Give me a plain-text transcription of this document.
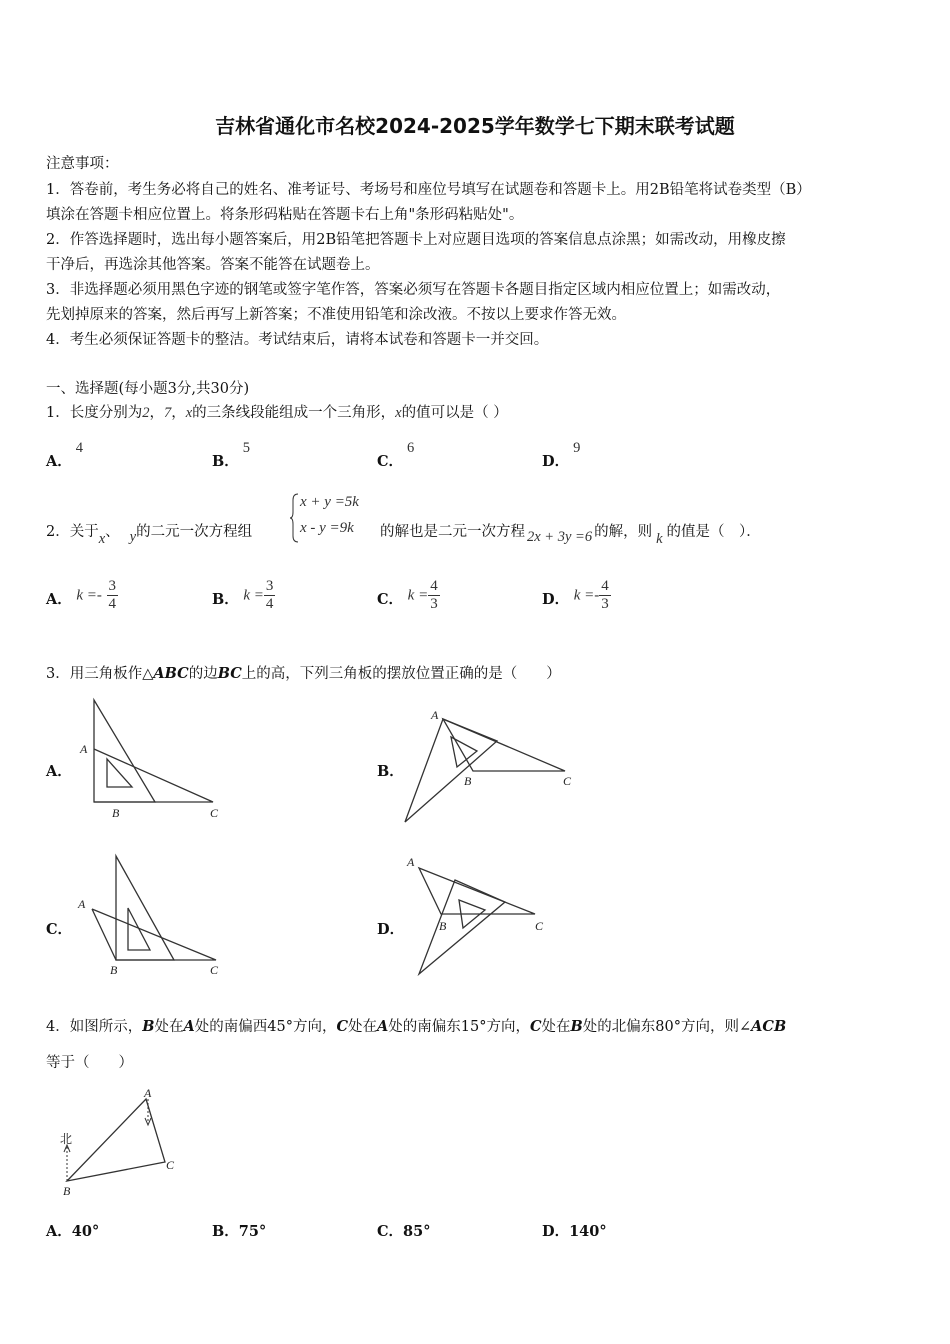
吉林省通化市名校2024-2025学年数学七下期末联考试题
注意事项：
1．答卷前，考生务必将自己的姓名、准考证号、考场号和座位号填写在试题卷和答题卡上。用2B铅笔将试卷类型（B）
填涂在答题卡相应位置上。将条形码粘贴在答题卡右上角"条形码粘贴处"。
2．作答选择题时，选出每小题答案后，用2B铅笔把答题卡上对应题目选项的答案信息点涂黑；如需改动，用橡皮擦
干净后，再选涂其他答案。答案不能答在试题卷上。
3．非选择题必须用黑色字迹的钢笔或签字笔作答，答案必须写在答题卡各题目指定区域内相应位置上；如需改动，
先划掉原来的答案，然后再写上新答案；不准使用铅笔和涂改液。不按以上要求作答无效。
4．考生必须保证答题卡的整洁。考试结束后，请将本试卷和答题卡一并交回。
一、选择题(每小题3分,共30分)
1．长度分别为2，7，x的三条线段能组成一个三角形，x的值可以是（ ）
A．4
B．5
C．6
D．9
2．关于x、 y的二元一次方程组
x + y =5k
x - y =9k 的解也是二元一次方程 2x + 3y =6 的解，则 k 的值是（　）．
A． $k =- \frac{3}{4}$	B． $k = \frac{3}{4}$	C． $k = \frac{4}{3}$	D． $k =- \frac{4}{3}$
3．用三角板作△ABC的边BC上的高，下列三角板的摆放位置正确的是（　　）
A．
A
B	C
B．
A
B	C
C．
A
B	C
D．
A
B	C
4．如图所示，B处在A处的南偏西45°方向，C处在A处的南偏东15°方向，C处在B处的北偏东80°方向，则∠ACB
等于（　　）
A
C
B
北
A．40°	B．75°	C．85°	D．140°
